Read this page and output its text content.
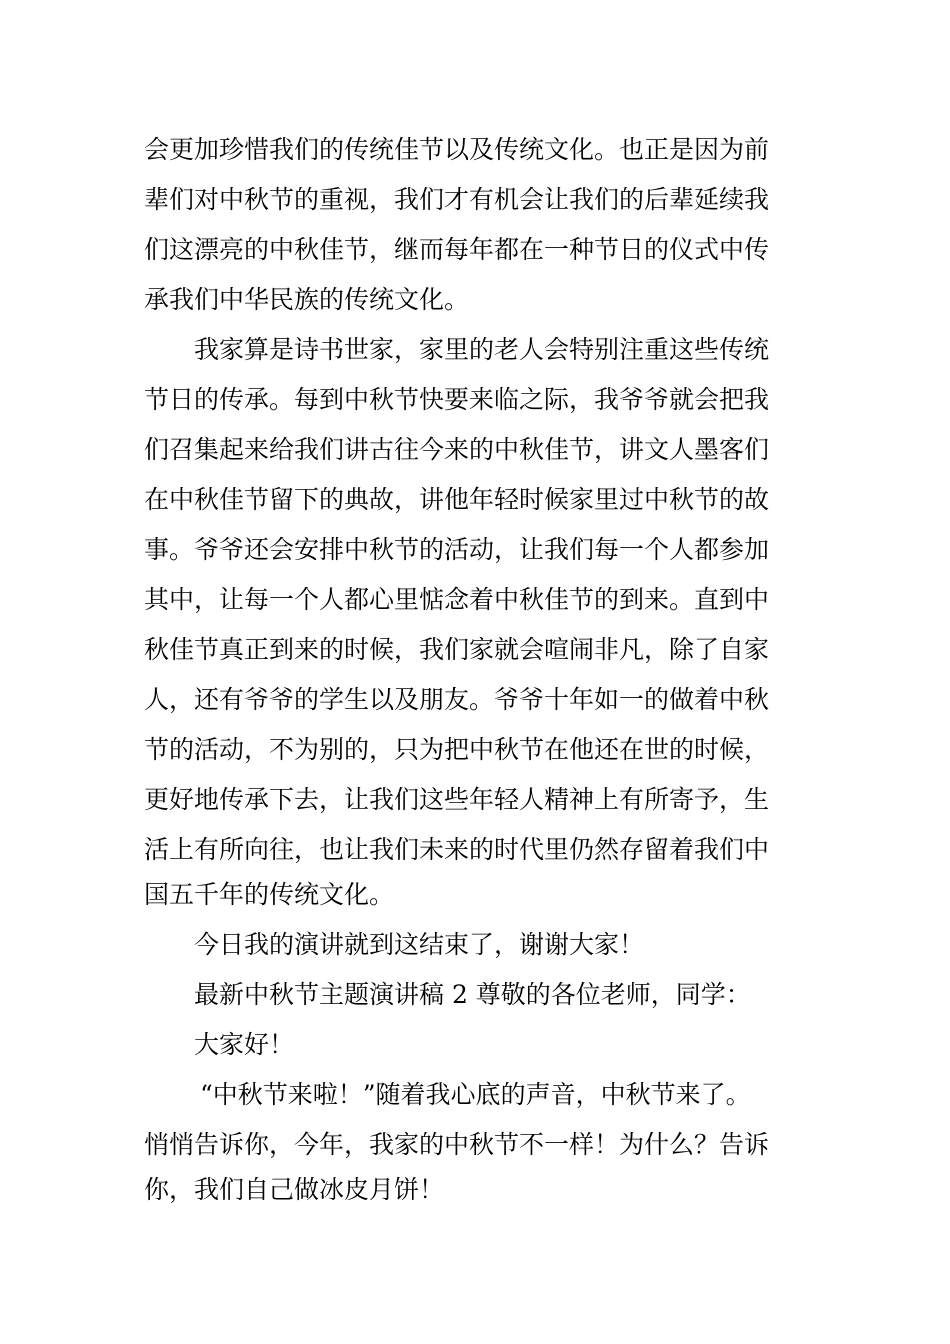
会更加珍惜我们的传统佳节以及传统文化。也正是因为前
辈们对中秋节的重视，我们才有机会让我们的后辈延续我
们这漂亮的中秋佳节，继而每年都在一种节日的仪式中传
承我们中华民族的传统文化。
我家算是诗书世家，家里的老人会特别注重这些传统
节日的传承。每到中秋节快要来临之际，我爷爷就会把我
们召集起来给我们讲古往今来的中秋佳节，讲文人墨客们
在中秋佳节留下的典故，讲他年轻时候家里过中秋节的故
事。爷爷还会安排中秋节的活动，让我们每一个人都参加
其中，让每一个人都心里惦念着中秋佳节的到来。直到中
秋佳节真正到来的时候，我们家就会喧闹非凡，除了自家
人，还有爷爷的学生以及朋友。爷爷十年如一的做着中秋
节的活动，不为别的，只为把中秋节在他还在世的时候，
更好地传承下去，让我们这些年轻人精神上有所寄予，生
活上有所向往，也让我们未来的时代里仍然存留着我们中
国五千年的传统文化。
今日我的演讲就到这结束了，谢谢大家！
最新中秋节主题演讲稿 2 尊敬的各位老师，同学：
大家好！
“中秋节来啦！”随着我心底的声音，中秋节来了。
悄悄告诉你，今年，我家的中秋节不一样！为什么？告诉
你，我们自己做冰皮月饼！
